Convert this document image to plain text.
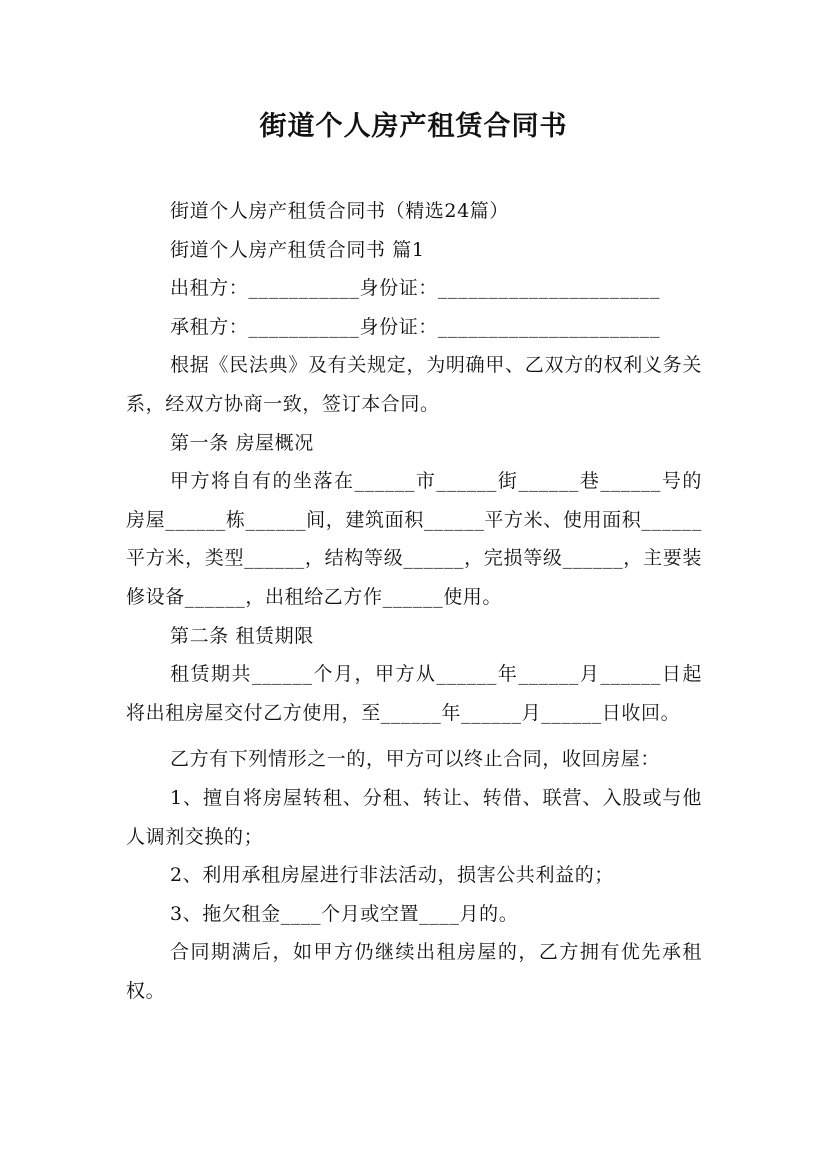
街道个人房产租赁合同书

街道个人房产租赁合同书（精选24篇）

街道个人房产租赁合同书 篇1

出租方：___________身份证：______________________

承租方：___________身份证：______________________

根据《民法典》及有关规定，为明确甲、乙双方的权利义务关系，经双方协商一致，签订本合同。

第一条 房屋概况

甲方将自有的坐落在______市______街______巷______号的房屋______栋______间，建筑面积______平方米、使用面积______平方米，类型______，结构等级______，完损等级______，主要装修设备______，出租给乙方作______使用。

第二条 租赁期限

租赁期共______个月，甲方从______年______月______日起将出租房屋交付乙方使用，至______年______月______日收回。

乙方有下列情形之一的，甲方可以终止合同，收回房屋：

1、擅自将房屋转租、分租、转让、转借、联营、入股或与他人调剂交换的；

2、利用承租房屋进行非法活动，损害公共利益的；

3、拖欠租金____个月或空置____月的。

合同期满后，如甲方仍继续出租房屋的，乙方拥有优先承租权。
